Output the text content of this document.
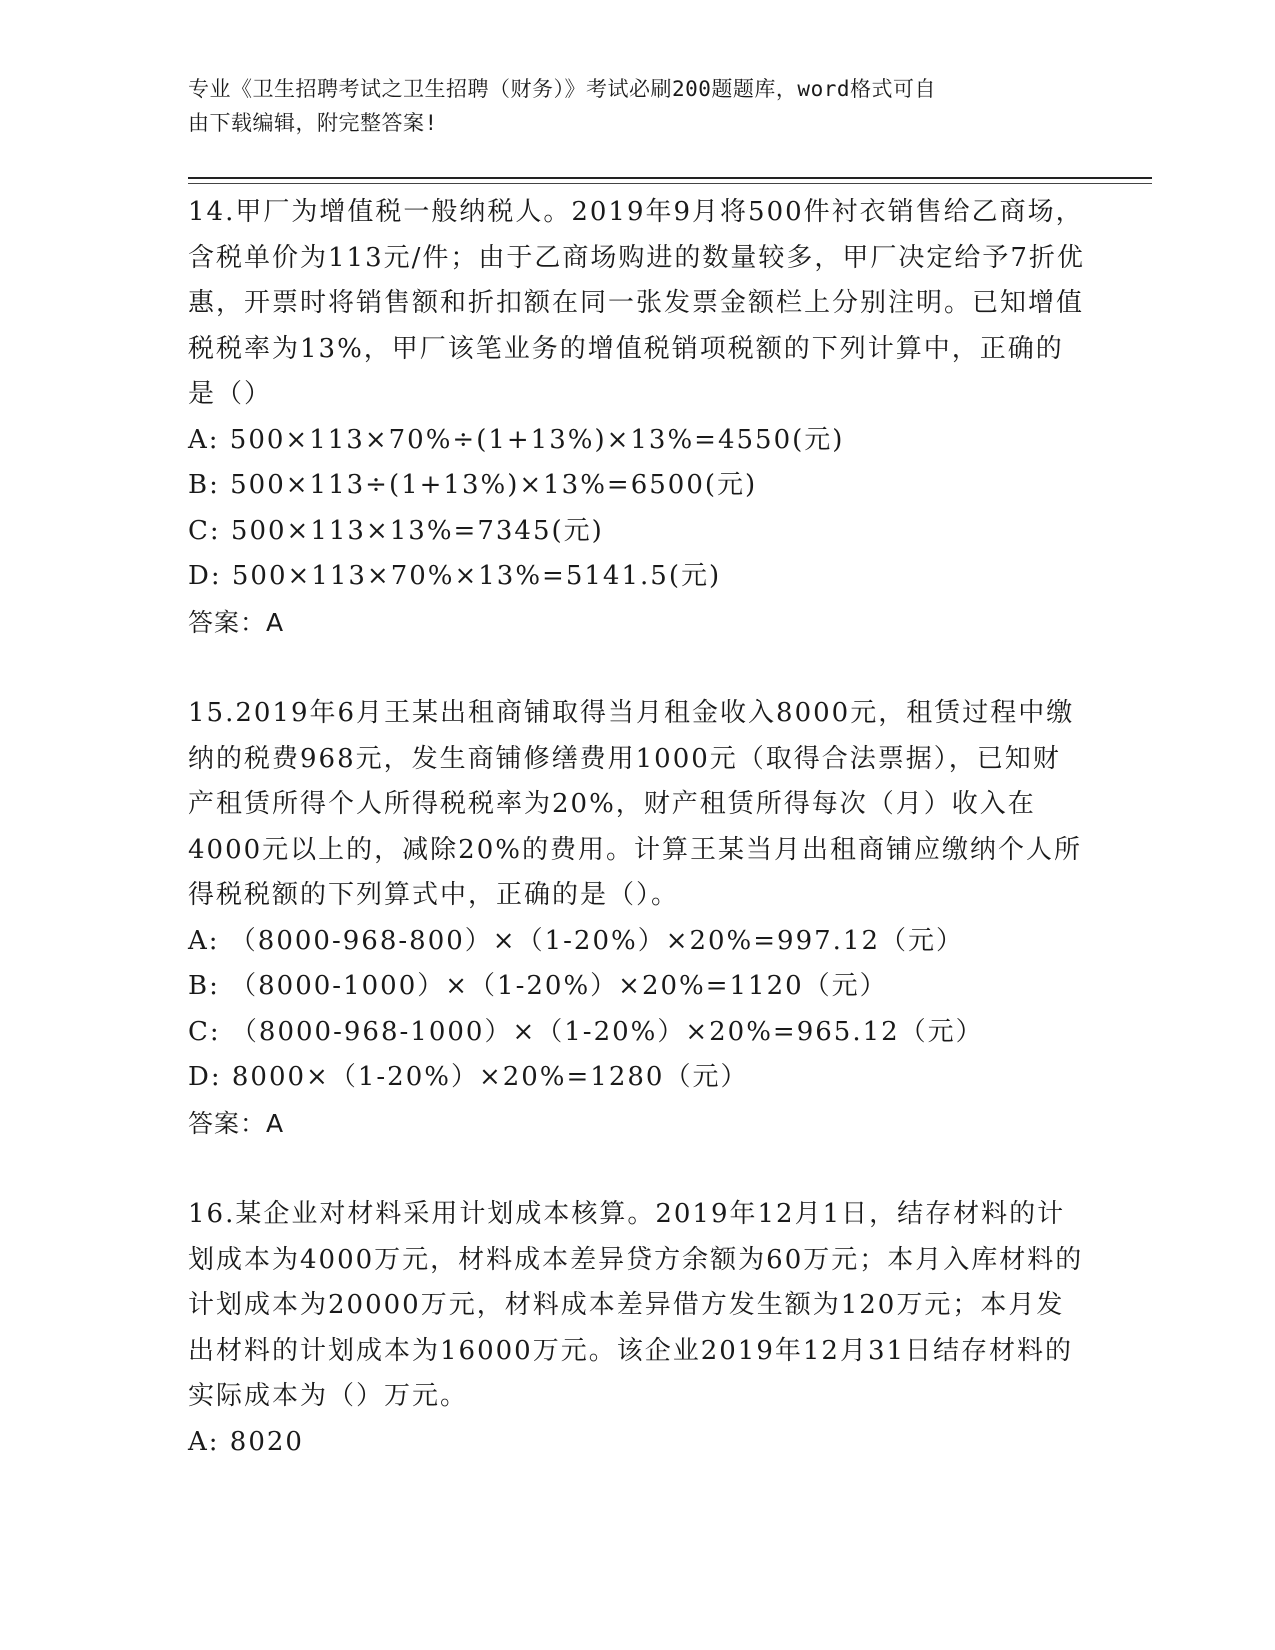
专业《卫生招聘考试之卫生招聘（财务）》考试必刷200题题库，word格式可自
由下载编辑，附完整答案!

14.甲厂为增值税一般纳税人。2019年9月将500件衬衣销售给乙商场，含税单价为113元/件；由于乙商场购进的数量较多，甲厂决定给予7折优惠，开票时将销售额和折扣额在同一张发票金额栏上分别注明。已知增值税税率为13%，甲厂该笔业务的增值税销项税额的下列计算中，正确的是（）

A: 500×113×70%÷(1+13%)×13%=4550(元)

B: 500×113÷(1+13%)×13%=6500(元)

C: 500×113×13%=7345(元)

D: 500×113×70%×13%=5141.5(元)

答案：A

15.2019年6月王某出租商铺取得当月租金收入8000元，租赁过程中缴纳的税费968元，发生商铺修缮费用1000元（取得合法票据），已知财产租赁所得个人所得税税率为20%，财产租赁所得每次（月）收入在4000元以上的，减除20%的费用。计算王某当月出租商铺应缴纳个人所得税税额的下列算式中，正确的是（）。

A: （8000-968-800）×（1-20%）×20%=997.12（元）

B: （8000-1000）×（1-20%）×20%=1120（元）

C: （8000-968-1000）×（1-20%）×20%=965.12（元）

D: 8000×（1-20%）×20%=1280（元）

答案：A

16.某企业对材料采用计划成本核算。2019年12月1日，结存材料的计划成本为4000万元，材料成本差异贷方余额为60万元；本月入库材料的计划成本为20000万元，材料成本差异借方发生额为120万元；本月发出材料的计划成本为16000万元。该企业2019年12月31日结存材料的实际成本为（）万元。

A: 8020
